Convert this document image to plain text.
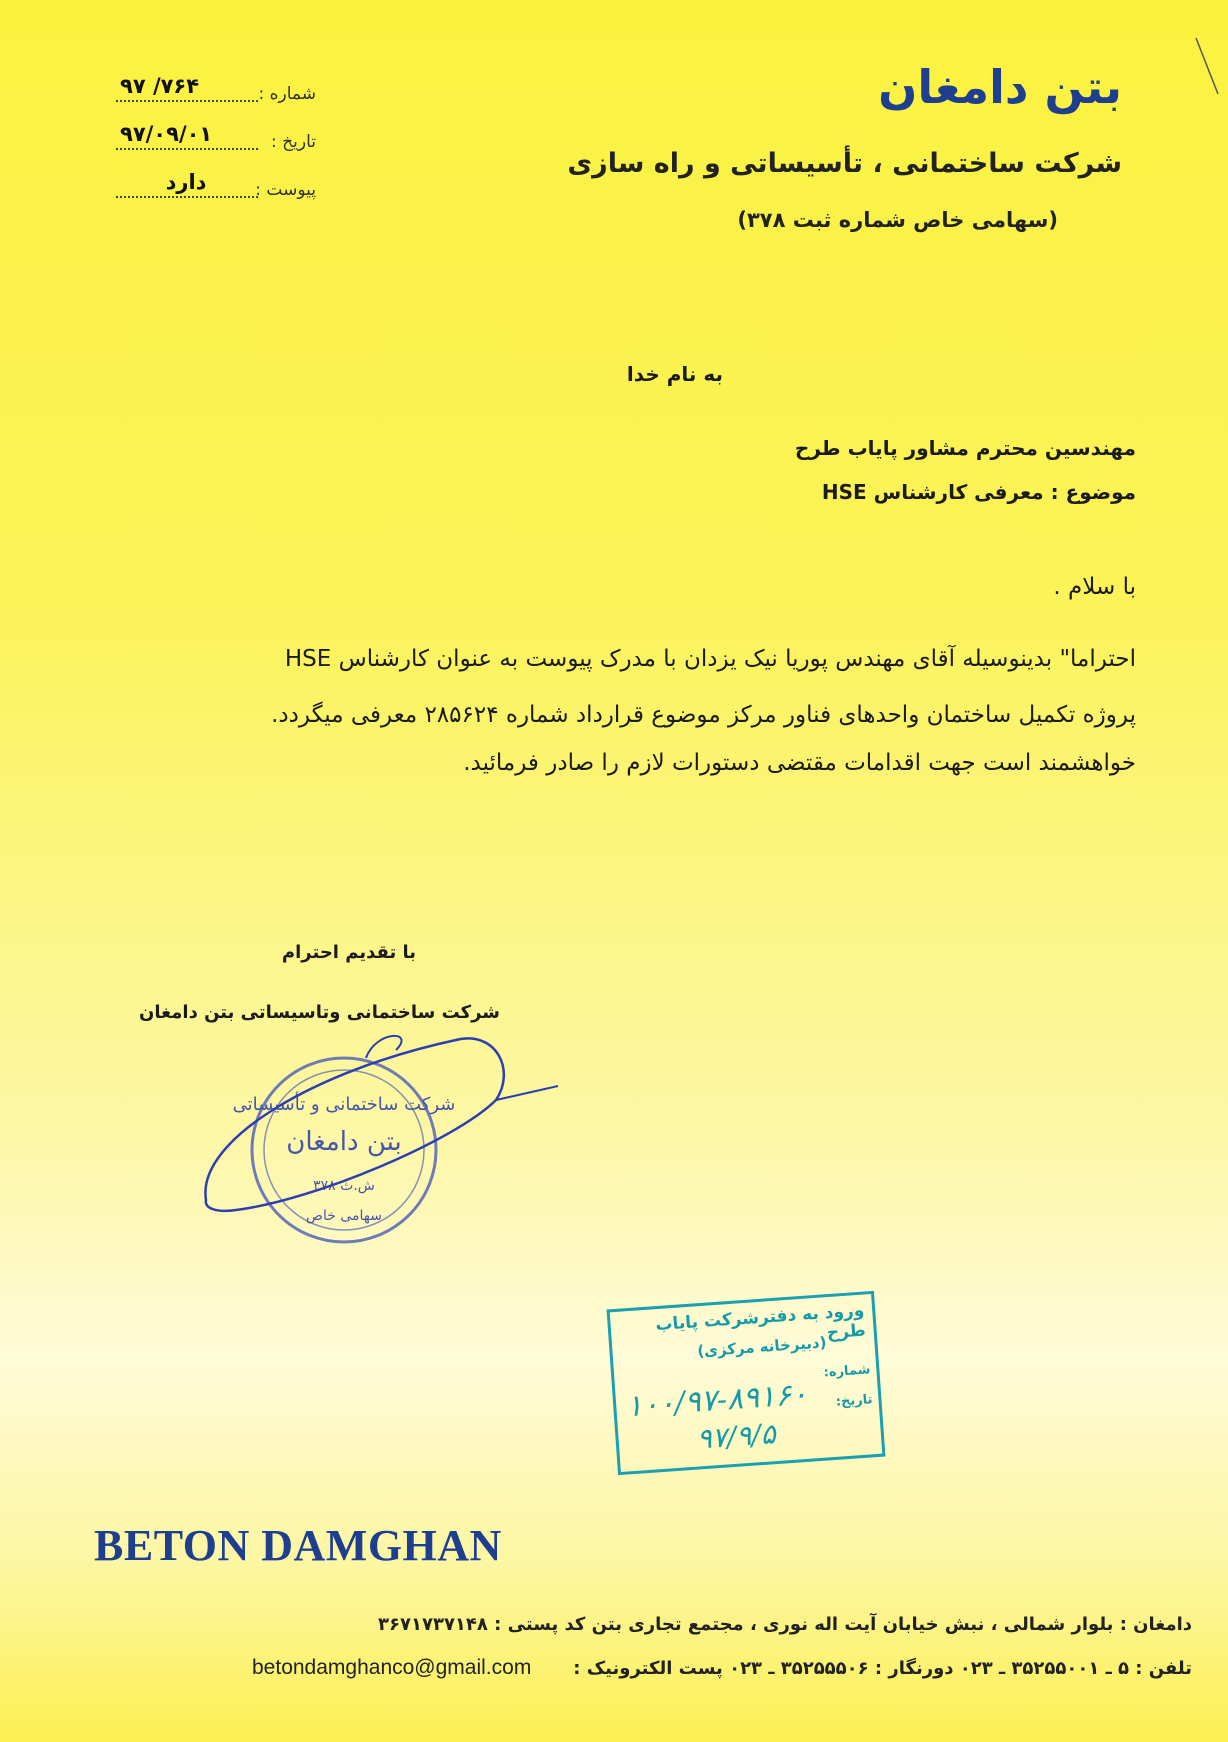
بتن دامغان
شرکت ساختمانی ، تأسیساتی و راه سازی
(سهامی خاص شماره ثبت ۳۷۸)
شماره :
۹۷ /۷۶۴
تاریخ :
۹۷/۰۹/۰۱
پیوست :
دارد
به نام خدا
مهندسین محترم مشاور پایاب طرح
موضوع : معرفی کارشناس HSE
با سلام .
احتراما" بدینوسیله آقای مهندس پوریا نیک یزدان با مدرک پیوست به عنوان کارشناس HSE
پروژه تکمیل ساختمان واحدهای فناور مرکز موضوع قرارداد شماره ۲۸۵۶۲۴ معرفی میگردد.
خواهشمند است جهت اقدامات مقتضی دستورات لازم را صادر فرمائید.
با تقدیم احترام
شرکت ساختمانی وتاسیساتی بتن دامغان
شرکت ساختمانی و تأسیساتی
بتن دامغان
ش.ث ۳۷۸
سهامی خاص
ورود به دفترشرکت پایاب طرح
(دبیرخانه مرکزی)
شماره:
تاریخ:
۱۰۰/۹۷-۸۹۱۶۰
۹۷/۹/۵
BETON DAMGHAN
دامغان : بلوار شمالی ، نبش خیابان آیت اله نوری ، مجتمع تجاری بتن کد پستی : ۳۶۷۱۷۳۷۱۴۸
تلفن : ۵ ـ ۳۵۲۵۵۰۰۱ ـ ۰۲۳ دورنگار : ۳۵۲۵۵۵۰۶ ـ ۰۲۳ پست الکترونیک :
betondamghanco@gmail.com
